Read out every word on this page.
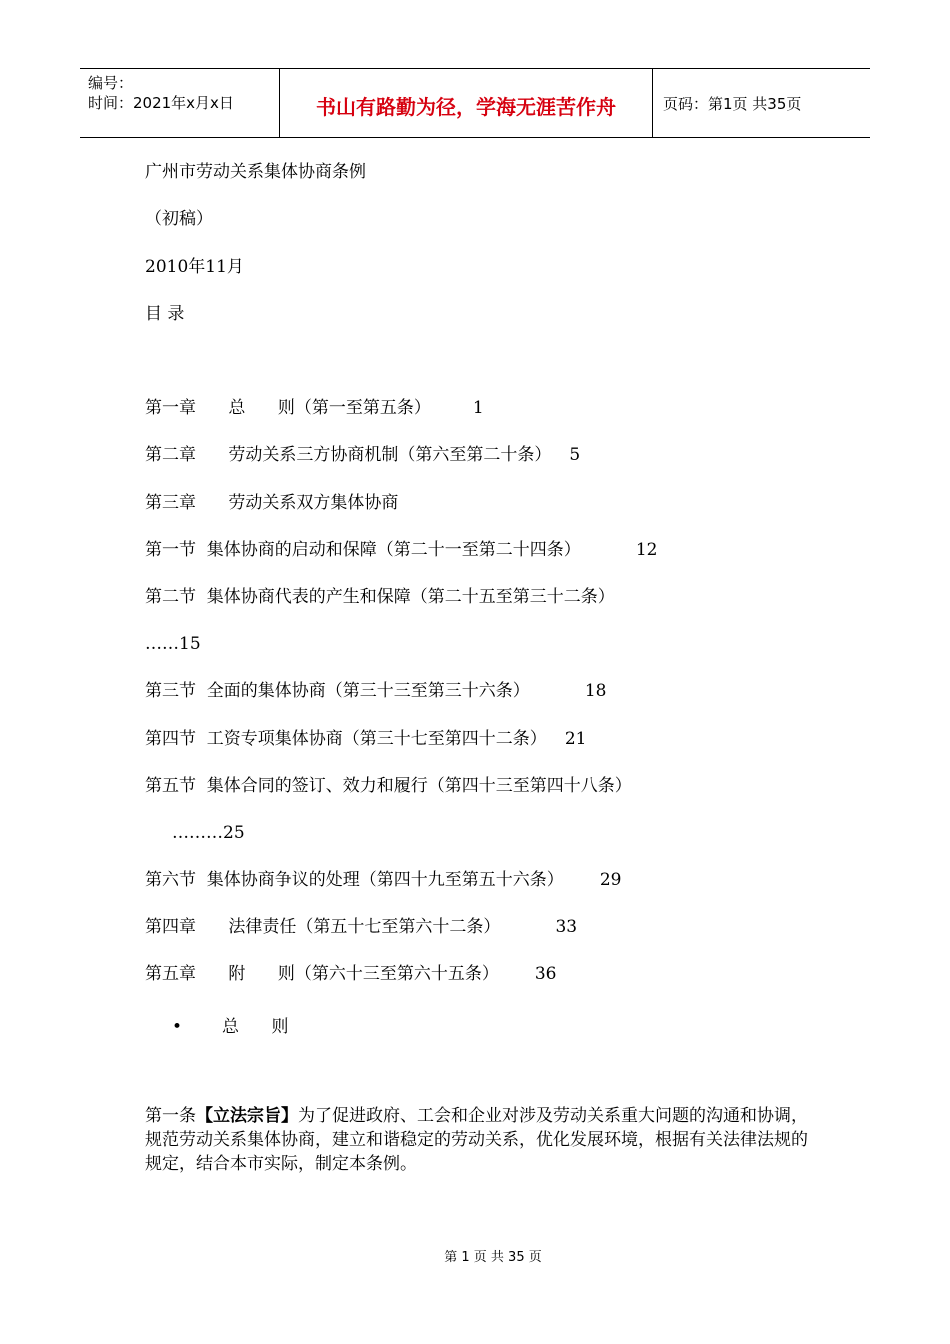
编号：
时间：2021年x月x日	书山有路勤为径，学海无涯苦作舟	页码：第1页 共35页
广州市劳动关系集体协商条例
（初稿）
2010年11月
目 录
第一章      总      则（第一至第五条） 1
第二章      劳动关系三方协商机制（第六至第二十条） 5
第三章      劳动关系双方集体协商
第一节  集体协商的启动和保障（第二十一至第二十四条）	12
第二节  集体协商代表的产生和保障（第二十五至第三十二条）
……15
第三节  全面的集体协商（第三十三至第三十六条）	18
第四节  工资专项集体协商（第三十七至第四十二条） 21
第五节  集体合同的签订、效力和履行（第四十三至第四十八条）
………25
第六节  集体协商争议的处理（第四十九至第五十六条） 29
第四章      法律责任（第五十七至第六十二条）	33
第五章      附      则（第六十三至第六十五条） 36
• 总      则
第一条【立法宗旨】为了促进政府、工会和企业对涉及劳动关系重大问题的沟通和协调，规范劳动关系集体协商，建立和谐稳定的劳动关系，优化发展环境，根据有关法律法规的规定，结合本市实际，制定本条例。
第 1 页 共 35 页
